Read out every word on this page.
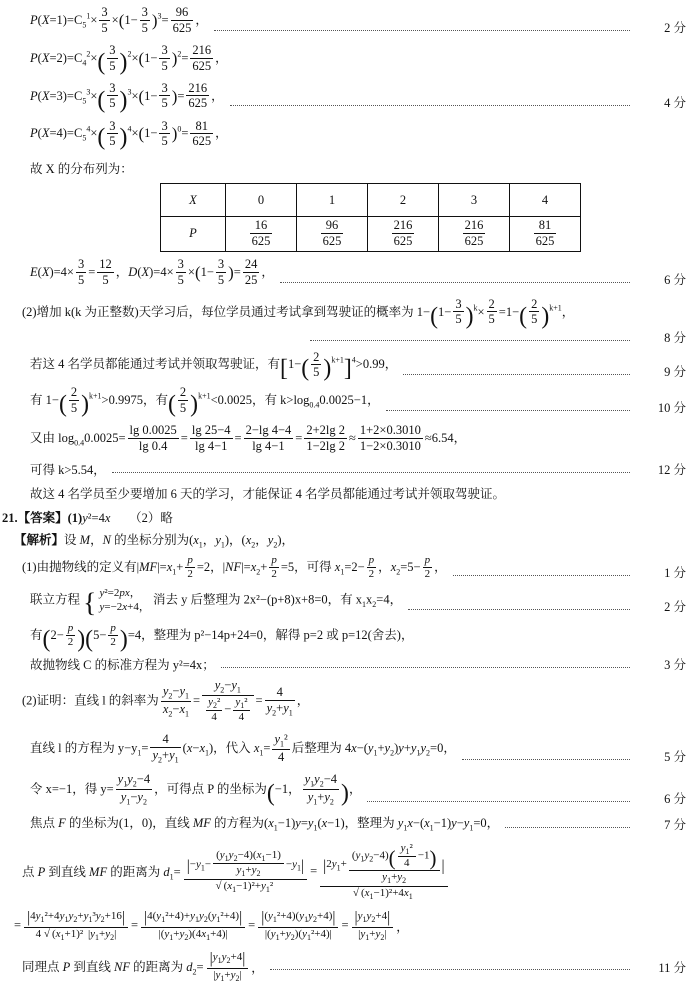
$P(X=1)=C_5^1\times \frac{3}{5} \times(1- \frac{3}{5} )^3= \frac{96}{625}$ ，
2 分
$P(X=2)=C_4^2\times( \frac{3}{5} )^2\times(1- \frac{3}{5} )^2= \frac{216}{625}$ ，
$P(X=3)=C_5^3\times( \frac{3}{5} )^3\times(1- \frac{3}{5}$ )= $\frac{216}{625}$ ，
4 分
$P(X=4)=C_5^4\times( \frac{3}{5} )^4\times(1- \frac{3}{5} )^0= \frac{81}{625}$ ，
故 X 的分布列为：
X	0	1	2	3	4
P	$\frac{16}{625}$	$\frac{96}{625}$	$\frac{216}{625}$	$\frac{216}{625}$	$\frac{81}{625}$
$E(X)=4\times \frac{3}{5} = \frac{12}{5}$ ，$D(X)=4\times \frac{3}{5} \times(1- \frac{3}{5}$ )= $\frac{24}{25}$ ，
6 分
(2)增加 k(k 为正整数)天学习后，每位学员通过考试拿到驾驶证的概率为 $1-(1- \frac{3}{5} )^k\times \frac{2}{5} =1-( \frac{2}{5} )^{k+1}$，
8 分
若这 4 名学员都能通过考试并领取驾驶证，有$[1-( \frac{2}{5} )^{k+1}]^4>0.99$，
9 分
有 $1-( \frac{2}{5} )^{k+1}>0.9975$，有( $\frac{2}{5} )^{k+1}<0.0025$，有 $k>\log_{0.4}0.0025-1$，
10 分
又由 $\log_{0.4}0.0025= \frac{\lg 0.0025}{\lg 0.4} = \frac{\lg 25-4}{\lg 4-1} = \frac{2-\lg 4-4}{\lg 4-1} = \frac{2+2\lg 2}{1-2\lg 2} \approx \frac{1+2\times 0.3010}{1-2\times 0.3010} \approx 6.54$，
可得 k>5.54，	12 分
故这 4 名学员至少要增加 6 天的学习，才能保证 4 名学员都能通过考试并领取驾驶证。
21.【答案】(1)y²=4x　　 （2）略
【解析】设 M，N 的坐标分别为($x_1$，$y_1$)，($x_2$，$y_2$)，
(1)由抛物线的定义有$|MF|=x_1+ \frac{p}{2} =2$，$|NF|=x_2+ \frac{p}{2} =5$，可得 $x_1=2- \frac{p}{2}$ ，$x_2=5- \frac{p}{2}$ ，	1 分
联立方程 { y²=2px，
y=−2x+4，
消去 y 后整理为 2x²−(p+8)x+8=0，有 $x_1x_2=4$，	2 分
有$(2- \frac{p}{2} )(5- \frac{p}{2} )=4$，整理为 p²−14p+24=0，解得 p=2 或 p=12(舍去)，
故抛物线 C 的标准方程为 y²=4x；	3 分
(2)证明：直线 l 的斜率为 $\frac{y_2-y_1}{x_2-x_1} = \frac{y_2-y_1}{\frac{y_2^2}{4} - \frac{y_1^2}{4}} = \frac{4}{y_2+y_1}$ ，
直线 l 的方程为 $y-y_1= \frac{4}{y_2+y_1} (x-x_1)$，代入 $x_1= \frac{y_1^2}{4}$ 后整理为 $4x-(y_1+y_2)y+y_1y_2=0$，
5 分
令 x=−1，得 $y= \frac{y_1y_2-4}{y_1-y_2}$ ，可得点 P 的坐标为(−1， $\frac{y_1y_2-4}{y_1+y_2}$ )，
6 分
焦点 F 的坐标为(1，0)，直线 MF 的方程为$(x_1-1)y=y_1(x-1)$，整理为 $y_1x-(x_1-1)y-y_1=0$，	7 分
点 P 到直线 MF 的距离为 $d_1= \frac{|-y_1- \frac{(y_1y_2-4)(x_1-1)}{y_1+y_2} -y_1|}{√ (x_1-1)^2+y_1^2} = \frac{|2y_1+ \frac{(y_1y_2-4)( \frac{y_1^2}{4} -1)}{y_1+y_2} |}{√ (x_1-1)^2+4x_1}$
= $\frac{|4y_1^2+4y_1y_2+y_1^3y_2+16|}{4 √ (x_1+1)^2 |y_1+y_2|} = \frac{|4(y_1^2+4)+y_1y_2(y_1^2+4)|}{|(y_1+y_2)(4x_1+4)|} = \frac{|(y_1^2+4)(y_1y_2+4)|}{|(y_1+y_2)(y_1^2+4)|} = \frac{|y_1y_2+4|}{|y_1+y_2|}$ ，
同理点 P 到直线 NF 的距离为 $d_2= \frac{|y_1y_2+4|}{|y_1+y_2|}$ ，	11 分
